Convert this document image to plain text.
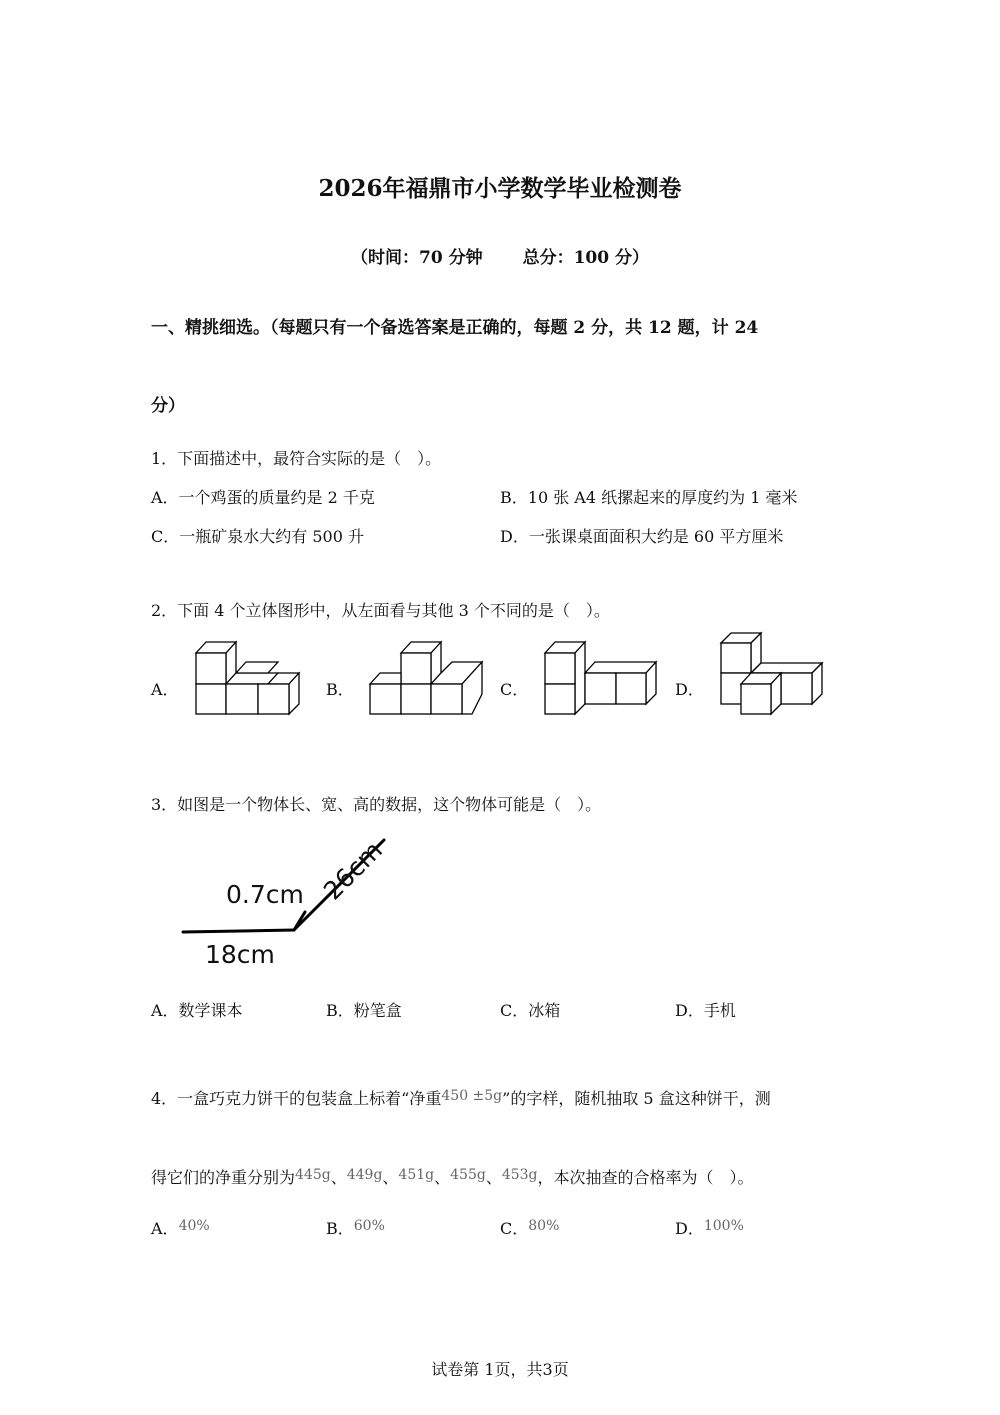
2026年福鼎市小学数学毕业检测卷
（时间：70 分钟 总分：100 分）
一、精挑细选。（每题只有一个备选答案是正确的，每题 2 分，共 12 题，计 24
分）
1．下面描述中，最符合实际的是（　）。
A．一个鸡蛋的质量约是 2 千克	B．10 张 A4 纸摞起来的厚度约为 1 毫米
C．一瓶矿泉水大约有 500 升	D．一张课桌面面积大约是 60 平方厘米
2．下面 4 个立体图形中，从左面看与其他 3 个不同的是（　）。
A．	B．	C．	D．
3．如图是一个物体长、宽、高的数据，这个物体可能是（　）。
0.7cm
18cm
26cm
A．数学课本	B．粉笔盒	C．冰箱	D．手机
4．一盒巧克力饼干的包装盒上标着“净重450 ±5g”的字样，随机抽取 5 盒这种饼干，测
得它们的净重分别为445g、449g、451g、455g、453g，本次抽查的合格率为（　）。
A．40%	B．60%	C．80%	D．100%
试卷第 1页，共3页
